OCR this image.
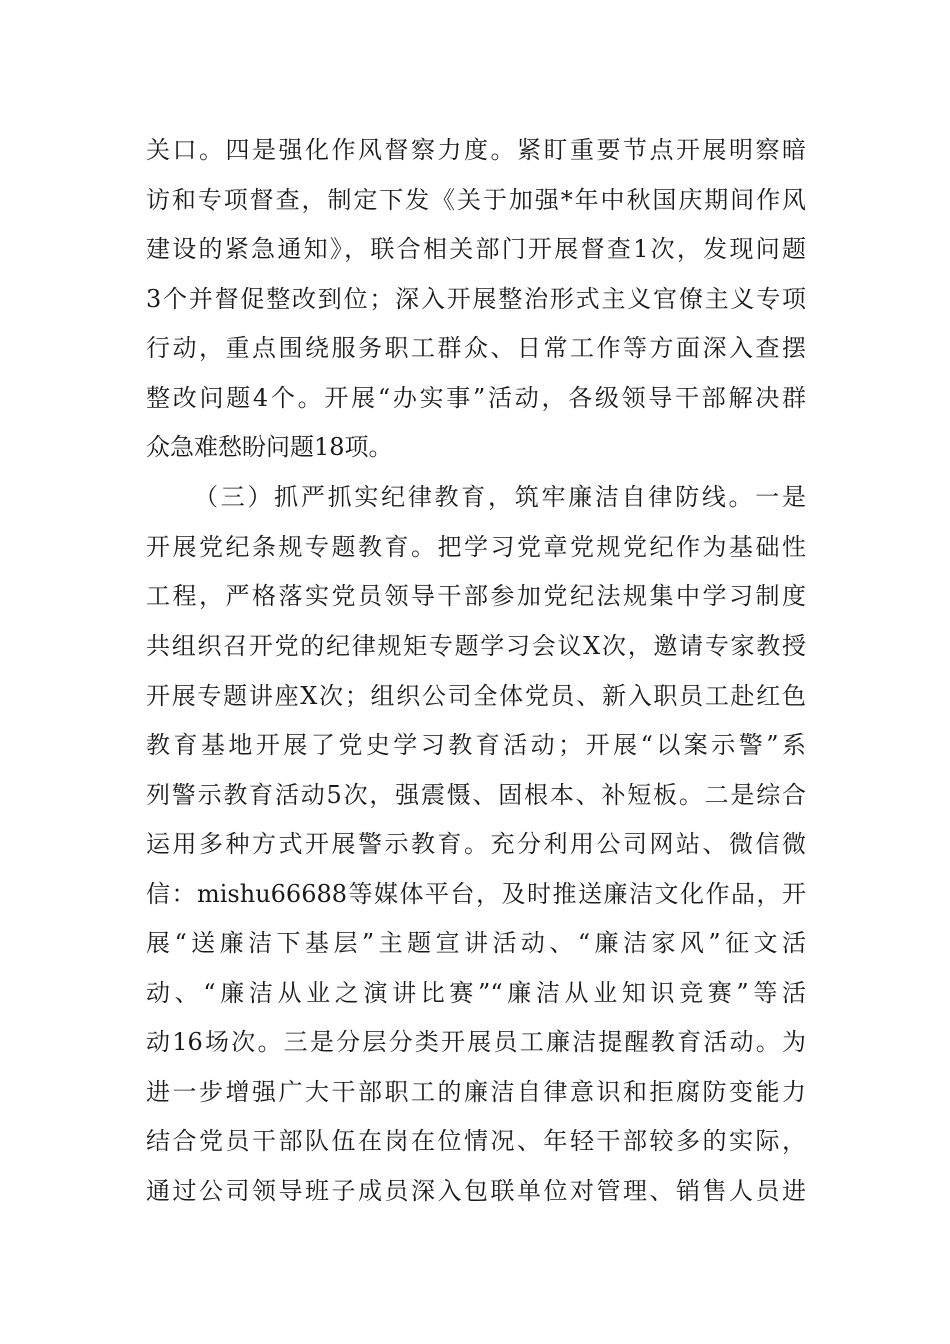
关口。四是强化作风督察力度。紧盯重要节点开展明察暗
访和专项督查，制定下发《关于加强*年中秋国庆期间作风
建设的紧急通知》，联合相关部门开展督查1次，发现问题
3个并督促整改到位；深入开展整治形式主义官僚主义专项
行动，重点围绕服务职工群众、日常工作等方面深入查摆
整改问题4个。开展“办实事”活动，各级领导干部解决群
众急难愁盼问题18项。
（三）抓严抓实纪律教育，筑牢廉洁自律防线。一是
开展党纪条规专题教育。把学习党章党规党纪作为基础性
工程，严格落实党员领导干部参加党纪法规集中学习制度
共组织召开党的纪律规矩专题学习会议X次，邀请专家教授
开展专题讲座X次；组织公司全体党员、新入职员工赴红色
教育基地开展了党史学习教育活动；开展“以案示警”系
列警示教育活动5次，强震慑、固根本、补短板。二是综合
运用多种方式开展警示教育。充分利用公司网站、微信微
信：mishu66688等媒体平台，及时推送廉洁文化作品，开
展“送廉洁下基层”主题宣讲活动、“廉洁家风”征文活
动、“廉洁从业之演讲比赛”“廉洁从业知识竞赛”等活
动16场次。三是分层分类开展员工廉洁提醒教育活动。为
进一步增强广大干部职工的廉洁自律意识和拒腐防变能力
结合党员干部队伍在岗在位情况、年轻干部较多的实际，
通过公司领导班子成员深入包联单位对管理、销售人员进
